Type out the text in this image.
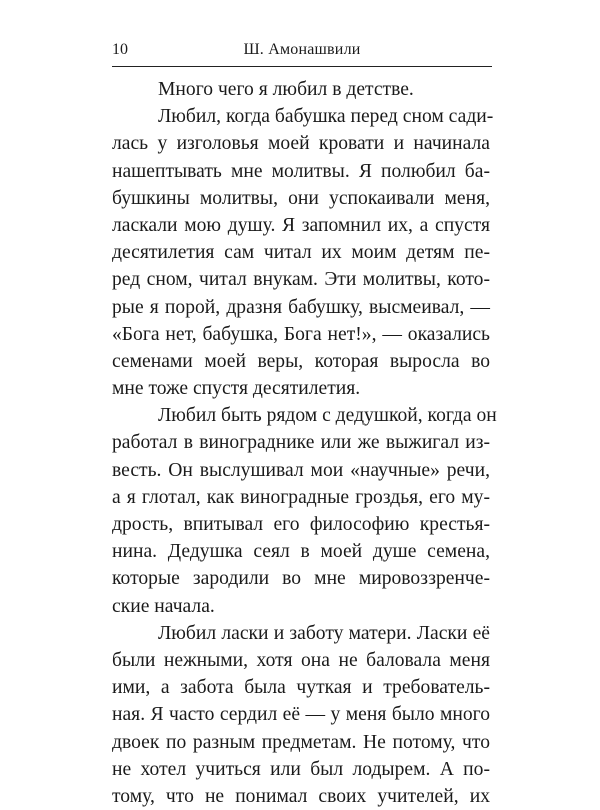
10	Ш. Амонашвили
Много чего я любил в детстве.
Любил, когда бабушка перед сном сади-
лась у изголовья моей кровати и начинала
нашептывать мне молитвы. Я полюбил ба-
бушкины молитвы, они успокаивали меня,
ласкали мою душу. Я запомнил их, а спустя
десятилетия сам читал их моим детям пе-
ред сном, читал внукам. Эти молитвы, кото-
рые я порой, дразня бабушку, высмеивал, —
«Бога нет, бабушка, Бога нет!», — оказались
семенами моей веры, которая выросла во
мне тоже спустя десятилетия.
Любил быть рядом с дедушкой, когда он
работал в винограднике или же выжигал из-
весть. Он выслушивал мои «научные» речи,
а я глотал, как виноградные гроздья, его му-
дрость, впитывал его философию крестья-
нина. Дедушка сеял в моей душе семена,
которые зародили во мне мировоззренче-
ские начала.
Любил ласки и заботу матери. Ласки её
были нежными, хотя она не баловала меня
ими, а забота была чуткая и требователь-
ная. Я часто сердил её — у меня было много
двоек по разным предметам. Не потому, что
не хотел учиться или был лодырем. А по-
тому, что не понимал своих учителей, их
